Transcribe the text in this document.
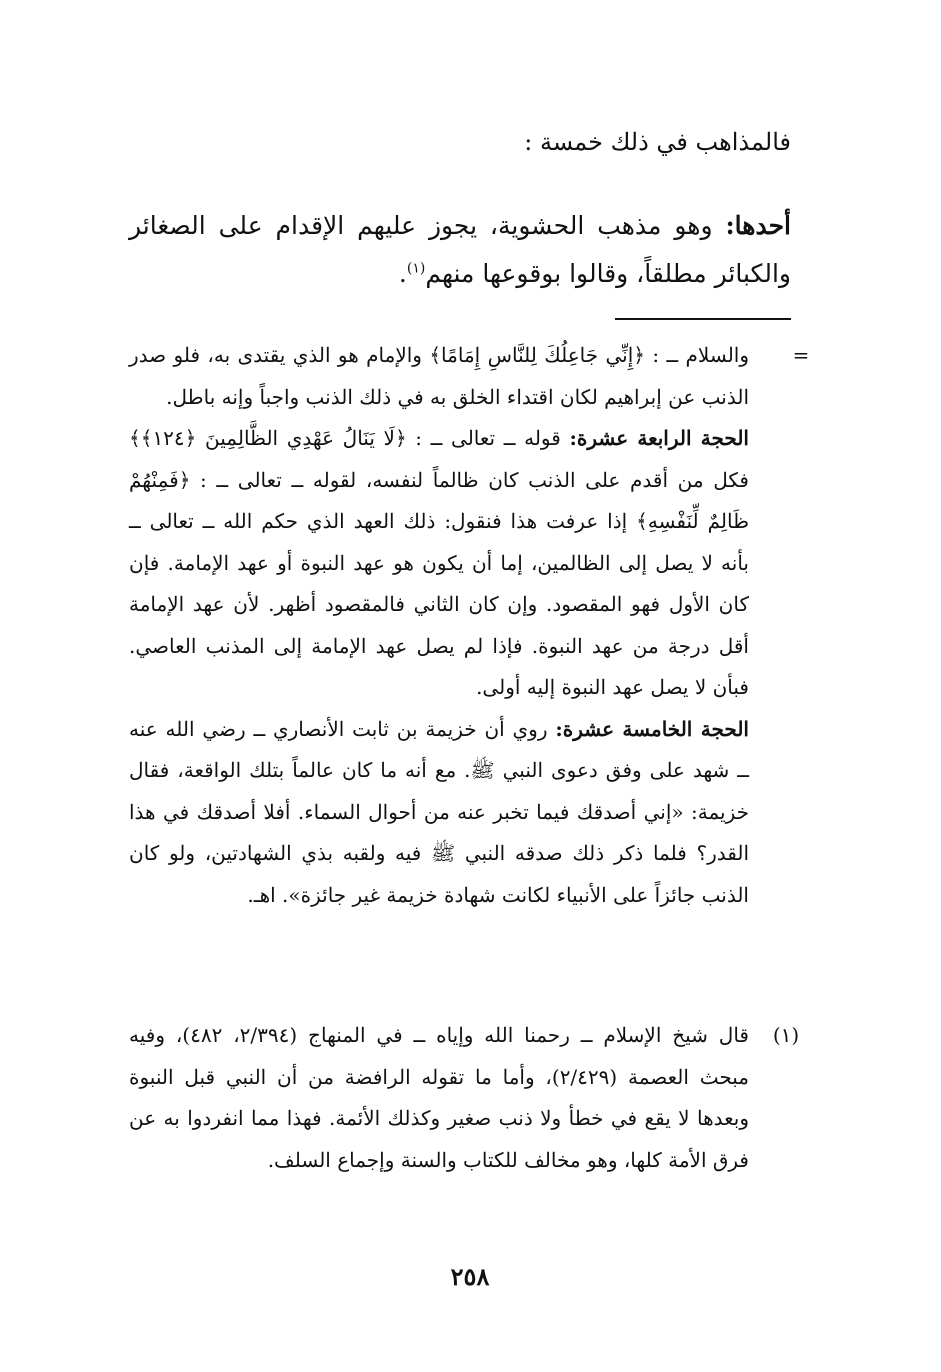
فالمذاهب في ذلك خمسة :
أحدها: وهو مذهب الحشوية، يجوز عليهم الإقدام على الصغائر والكبائر مطلقاً، وقالوا بوقوعها منهم$^{(١)}$.
=

والسلام ــ : ﴿إِنِّي جَاعِلُكَ لِلنَّاسِ إِمَامًا﴾ والإمام هو الذي يقتدى به، فلو صدر الذنب عن إبراهيم لكان اقتداء الخلق به في ذلك الذنب واجباً وإنه باطل.

الحجة الرابعة عشرة: قوله ــ تعالى ــ : ﴿لَا يَنَالُ عَهْدِي الظَّالِمِينَ ﴿١٢٤﴾﴾ فكل من أقدم على الذنب كان ظالماً لنفسه، لقوله ــ تعالى ــ : ﴿فَمِنْهُمْ ظَالِمٌ لِّنَفْسِهِ﴾ إذا عرفت هذا فنقول: ذلك العهد الذي حكم الله ــ تعالى ــ بأنه لا يصل إلى الظالمين، إما أن يكون هو عهد النبوة أو عهد الإمامة. فإن كان الأول فهو المقصود. وإن كان الثاني فالمقصود أظهر. لأن عهد الإمامة أقل درجة من عهد النبوة. فإذا لم يصل عهد الإمامة إلى المذنب العاصي. فبأن لا يصل عهد النبوة إليه أولى.

الحجة الخامسة عشرة: روي أن خزيمة بن ثابت الأنصاري ــ رضي الله عنه ــ شهد على وفق دعوى النبي ﷺ. مع أنه ما كان عالماً بتلك الواقعة، فقال خزيمة: «إني أصدقك فيما تخبر عنه من أحوال السماء. أفلا أصدقك في هذا القدر؟ فلما ذكر ذلك صدقه النبي ﷺ فيه ولقبه بذي الشهادتين، ولو كان الذنب جائزاً على الأنبياء لكانت شهادة خزيمة غير جائزة». اهـ.

(١)
قال شيخ الإسلام ــ رحمنا الله وإياه ــ في المنهاج (٢/٣٩٤، ٤٨٢)، وفيه مبحث العصمة (٢/٤٢٩)، وأما ما تقوله الرافضة من أن النبي قبل النبوة وبعدها لا يقع في خطأ ولا ذنب صغير وكذلك الأئمة. فهذا مما انفردوا به عن فرق الأمة كلها، وهو مخالف للكتاب والسنة وإجماع السلف.
٢٥٨
